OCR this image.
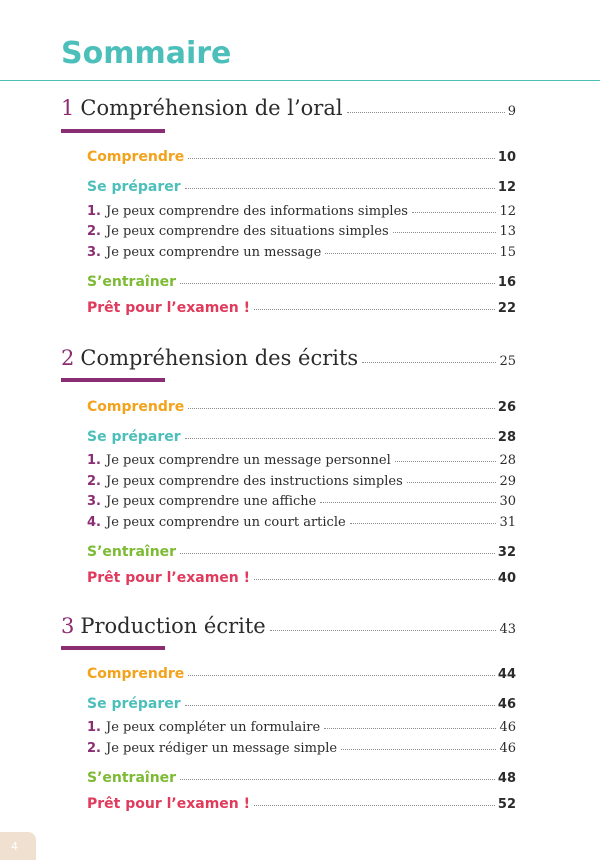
Sommaire
1 Compréhension de l’oral	9
Comprendre	10
Se préparer	12
1. Je peux comprendre des informations simples	12
2. Je peux comprendre des situations simples	13
3. Je peux comprendre un message	15
S’entraîner	16
Prêt pour l’examen !	22
2 Compréhension des écrits	25
Comprendre	26
Se préparer	28
1. Je peux comprendre un message personnel	28
2. Je peux comprendre des instructions simples	29
3. Je peux comprendre une affiche	30
4. Je peux comprendre un court article	31
S’entraîner	32
Prêt pour l’examen !	40
3 Production écrite	43
Comprendre	44
Se préparer	46
1. Je peux compléter un formulaire	46
2. Je peux rédiger un message simple	46
S’entraîner	48
Prêt pour l’examen !	52
4
